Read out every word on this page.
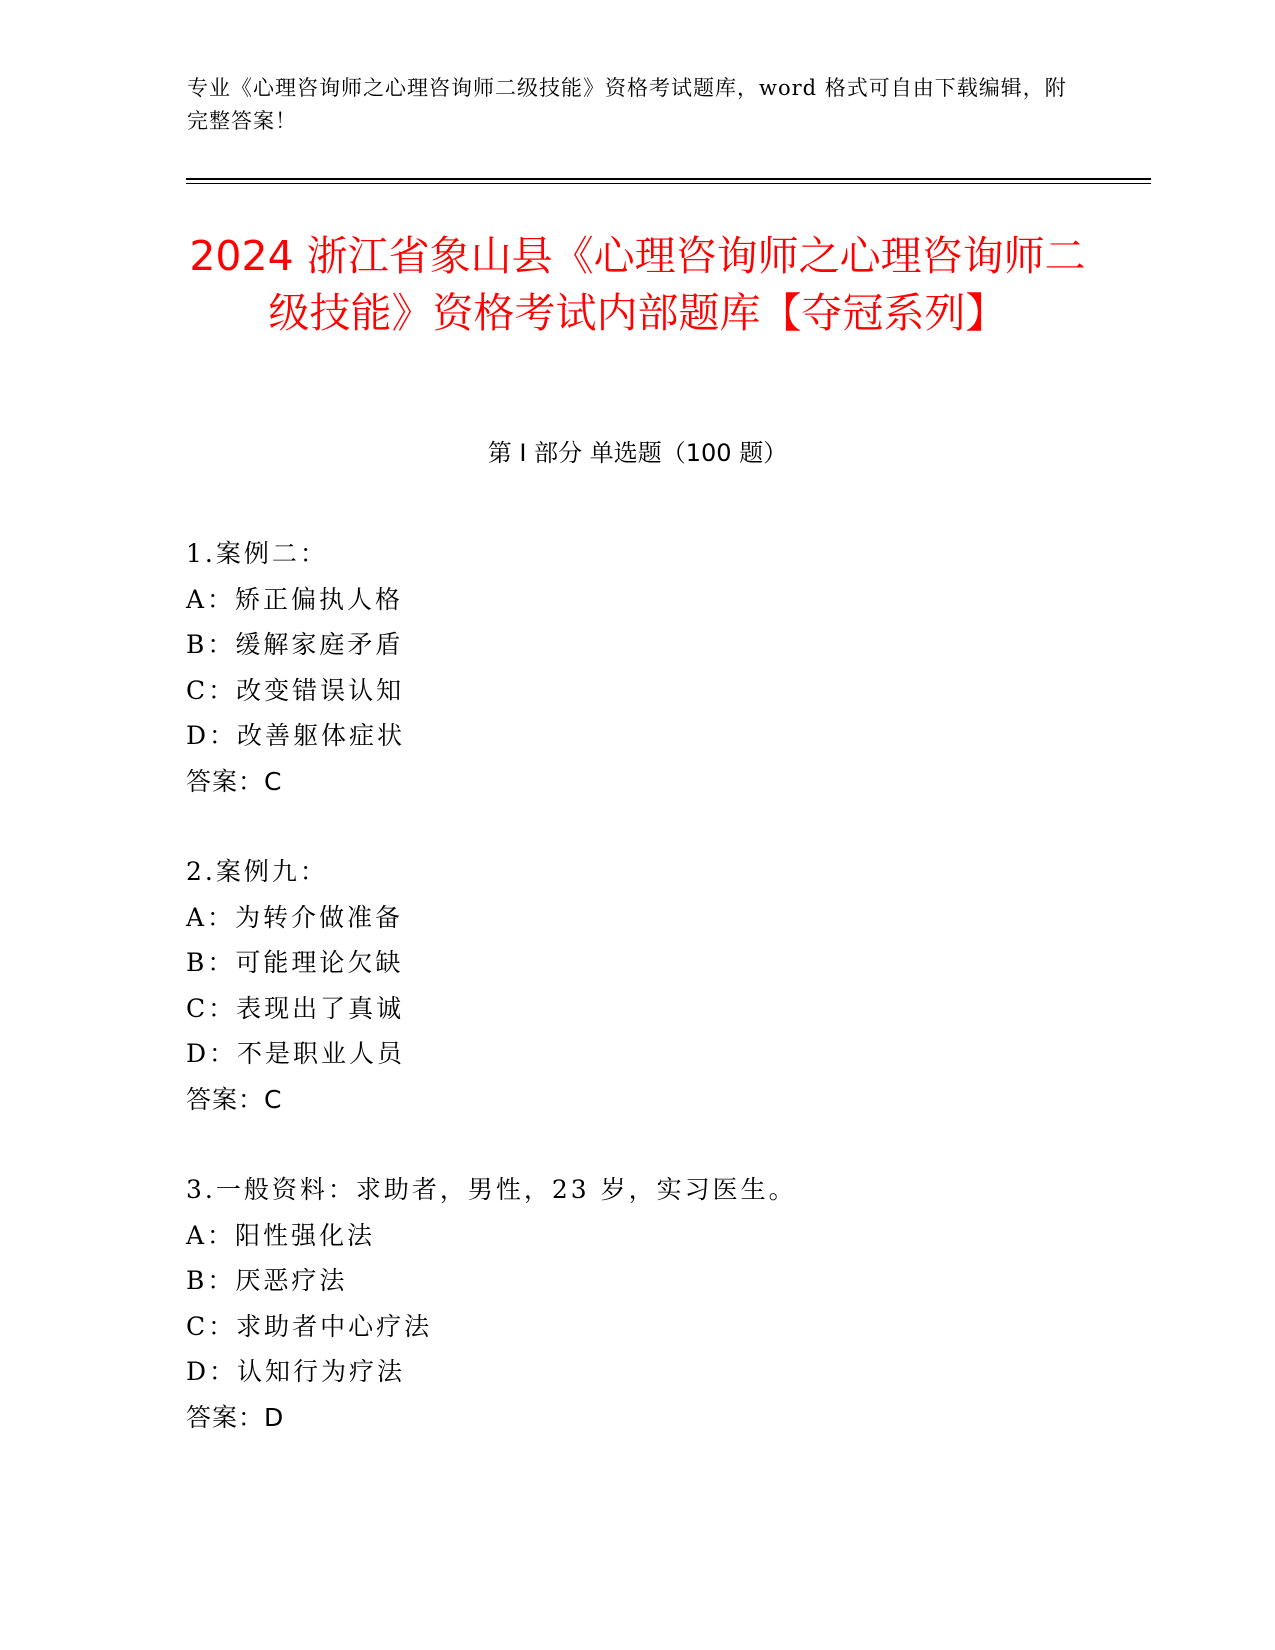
专业《心理咨询师之心理咨询师二级技能》资格考试题库，word 格式可自由下载编辑，附完整答案！
2024 浙江省象山县《心理咨询师之心理咨询师二级技能》资格考试内部题库【夺冠系列】
第 I 部分 单选题（100 题）
1.案例二：
A：矫正偏执人格
B：缓解家庭矛盾
C：改变错误认知
D：改善躯体症状
答案：C
2.案例九：
A：为转介做准备
B：可能理论欠缺
C：表现出了真诚
D：不是职业人员
答案：C
3.一般资料：求助者，男性，23 岁，实习医生。
A：阳性强化法
B：厌恶疗法
C：求助者中心疗法
D：认知行为疗法
答案：D
